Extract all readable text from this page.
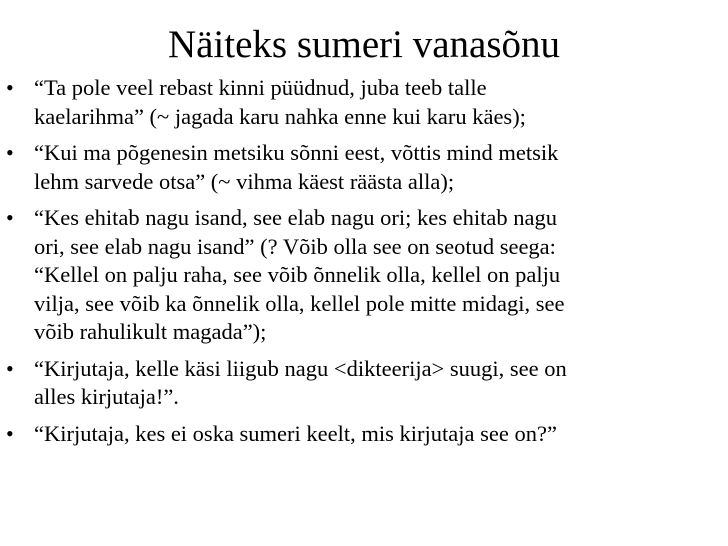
Näiteks sumeri vanasõnu
• “Ta pole veel rebast kinni püüdnud, juba teeb talle
kaelarihma” (~ jagada karu nahka enne kui karu käes);
• “Kui ma põgenesin metsiku sõnni eest, võttis mind metsik
lehm sarvede otsa” (~ vihma käest räästa alla);
• “Kes ehitab nagu isand, see elab nagu ori; kes ehitab nagu
ori, see elab nagu isand” (? Võib olla see on seotud seega:
“Kellel on palju raha, see võib õnnelik olla, kellel on palju
vilja, see võib ka õnnelik olla, kellel pole mitte midagi, see
võib rahulikult magada”);
• “Kirjutaja, kelle käsi liigub nagu <dikteerija> suugi, see on
alles kirjutaja!”.
• “Kirjutaja, kes ei oska sumeri keelt, mis kirjutaja see on?”
